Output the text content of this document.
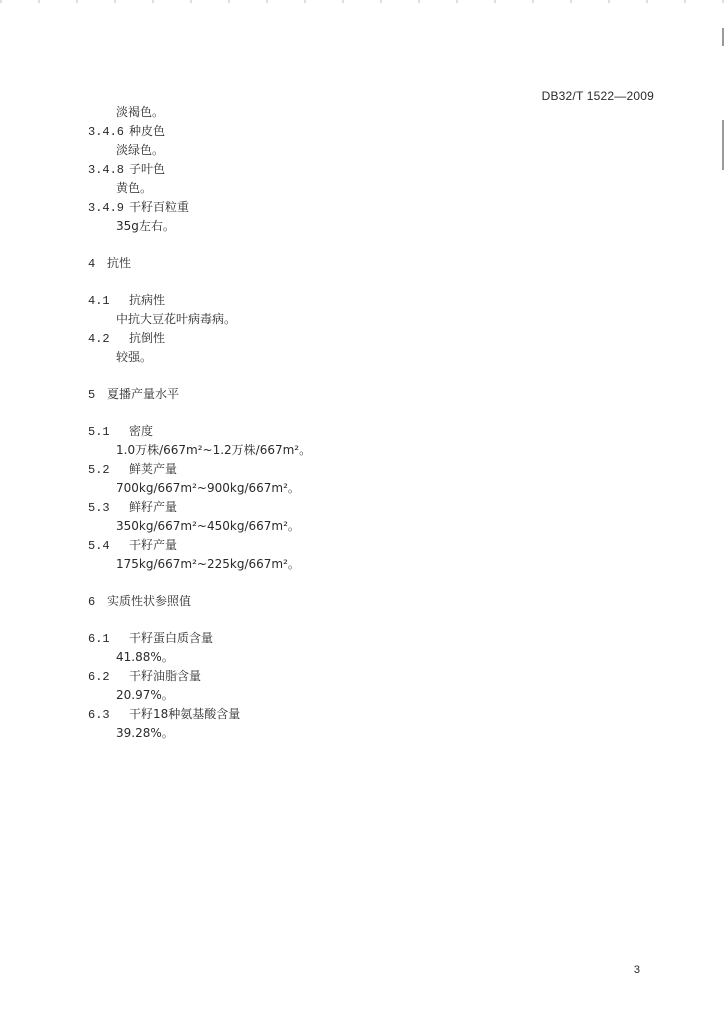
DB32/T 1522—2009
淡褐色。
3.4.6 种皮色
淡绿色。
3.4.8 子叶色
黄色。
3.4.9 干籽百粒重
35g左右。
4 抗性
4.1 抗病性
中抗大豆花叶病毒病。
4.2 抗倒性
较强。
5 夏播产量水平
5.1 密度
1.0万株/667m²~1.2万株/667m²。
5.2 鲜荚产量
700kg/667m²~900kg/667m²。
5.3 鲜籽产量
350kg/667m²~450kg/667m²。
5.4 干籽产量
175kg/667m²~225kg/667m²。
6 实质性状参照值
6.1 干籽蛋白质含量
41.88%。
6.2 干籽油脂含量
20.97%。
6.3 干籽18种氨基酸含量
39.28%。
3
